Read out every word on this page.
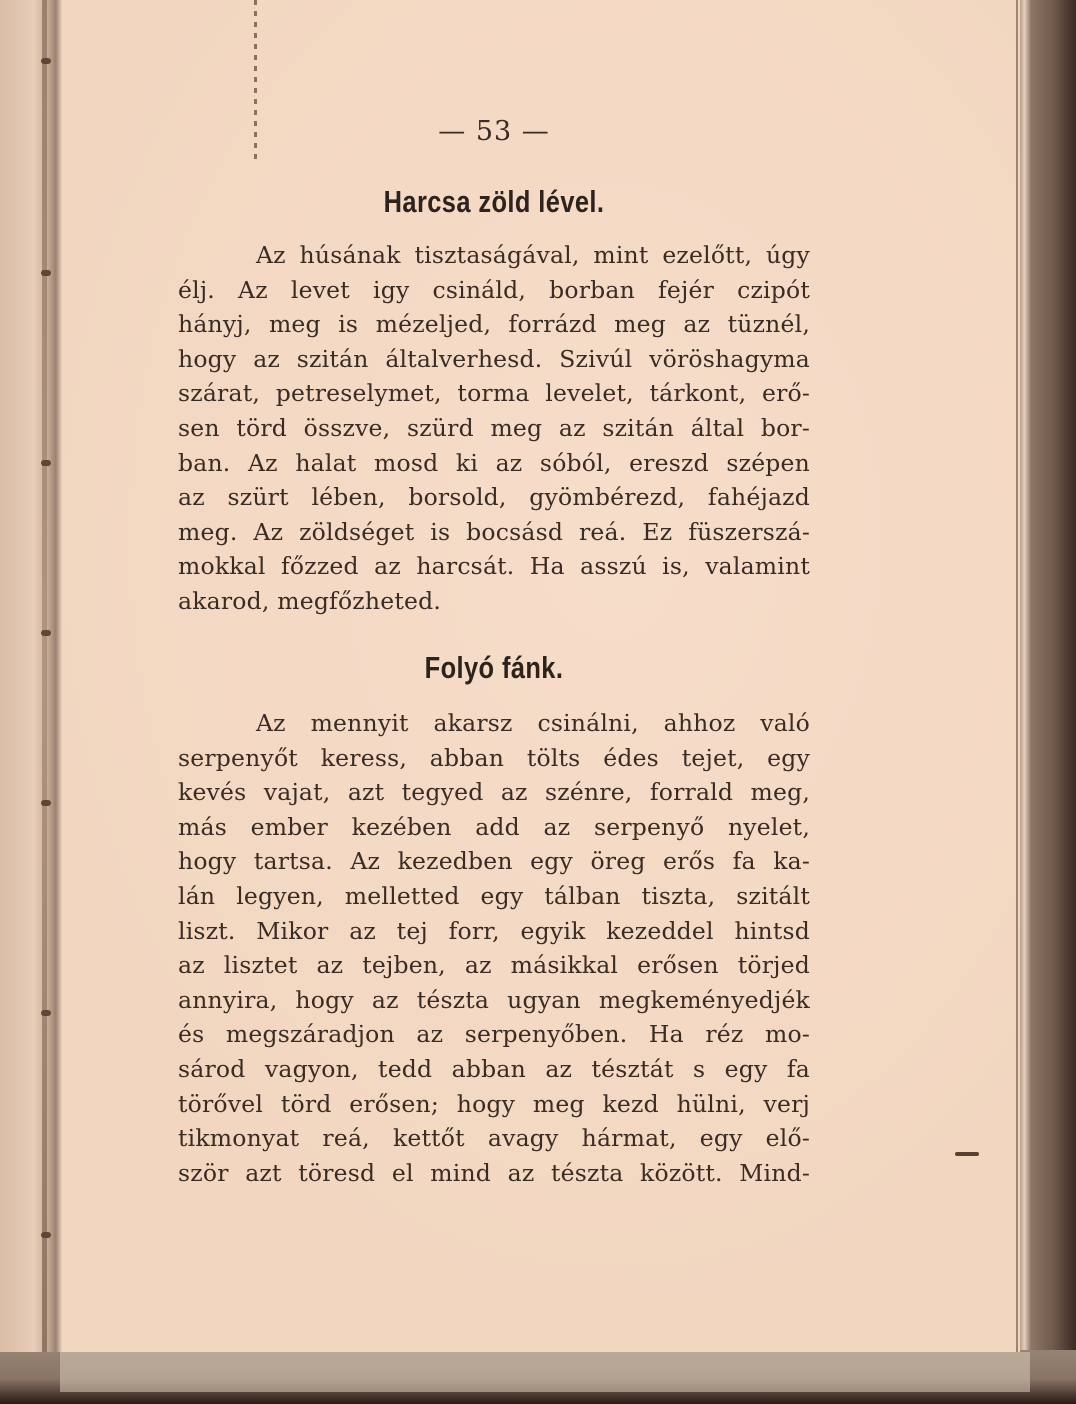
— 53 —
Harcsa zöld lével.
Az húsának tisztaságával, mint ezelőtt, úgy
élj. Az levet igy csináld, borban fejér czipót
hányj, meg is mézeljed, forrázd meg az tüznél,
hogy az szitán általverhesd. Szivúl vöröshagyma
szárat, petreselymet, torma levelet, tárkont, erő-
sen törd összve, szürd meg az szitán által bor-
ban. Az halat mosd ki az sóból, ereszd szépen
az szürt lében, borsold, gyömbérezd, fahéjazd
meg. Az zöldséget is bocsásd reá. Ez füszerszá-
mokkal főzzed az harcsát. Ha asszú is, valamint
akarod, megfőzheted.
Folyó fánk.
Az mennyit akarsz csinálni, ahhoz való
serpenyőt keress, abban tölts édes tejet, egy
kevés vajat, azt tegyed az szénre, forrald meg,
más ember kezében add az serpenyő nyelet,
hogy tartsa. Az kezedben egy öreg erős fa ka-
lán legyen, melletted egy tálban tiszta, szitált
liszt. Mikor az tej forr, egyik kezeddel hintsd
az lisztet az tejben, az másikkal erősen törjed
annyira, hogy az tészta ugyan megkeményedjék
és megszáradjon az serpenyőben. Ha réz mo-
sárod vagyon, tedd abban az tésztát s egy fa
törővel törd erősen; hogy meg kezd hülni, verj
tikmonyat reá, kettőt avagy hármat, egy elő-
ször azt töresd el mind az tészta között. Mind-
